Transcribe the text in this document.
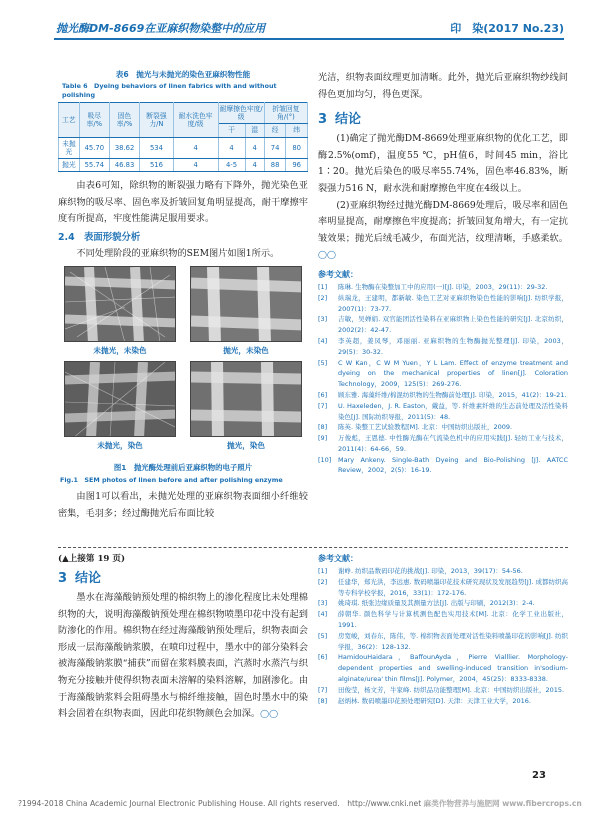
抛光酶DM-8669在亚麻织物染整中的应用	印　染(2017 No.23)
表6　抛光与未抛光的染色亚麻织物性能
Table 6　Dyeing behaviors of linen fabrics with and without polishing
工艺	吸尽率/%	固色率/%	断裂强力/N	耐水洗色牢度/级	耐摩擦色牢度/级		折皱回复角/(°)	
					干	湿	经	纬
未抛光	45.70	38.62	534	4	4	4	74	80
抛光	55.74	46.83	516	4	4-5	4	88	96

由表6可知，除织物的断裂强力略有下降外，抛光染色亚麻织物的吸尽率、固色率及折皱回复角明显提高，耐干摩擦牢度有所提高，牢度性能满足服用要求。

2.4　表面形貌分析

不同处理阶段的亚麻织物的SEM图片如图1所示。

未抛光，未染色	抛光，未染色
未抛光，染色	抛光，染色
图1　抛光酶处理前后亚麻织物的电子照片
Fig.1　SEM photos of linen before and after polishing enzyme

由图1可以看出，未抛光处理的亚麻织物表面细小纤维较密集，毛羽多；经过酶抛光后布面比较

光洁，织物表面纹理更加清晰。此外，抛光后亚麻织物纱线间得色更加均匀，得色更深。

3 结论

(1)确定了抛光酶DM-8669处理亚麻织物的优化工艺，即酶2.5%(omf)，温度55 ℃，pH值6，时间45 min，浴比1∶20。抛光后染色的吸尽率55.74%，固色率46.83%，断裂强力516 N，耐水洗和耐摩擦色牢度在4级以上。

(2)亚麻织物经过抛光酶DM-8669处理后，吸尽率和固色率明显提高，耐摩擦色牢度提高；折皱回复角增大，有一定抗皱效果；抛光后绒毛减少，布面光洁，纹理清晰，手感柔软。◯◯

参考文献：
[1]	陈琳. 生物酶在染整加工中的应用(一)[J]. 印染，2003，29(11)：29-32.
[2]	纵瑞龙，王建明，都新敏. 染色工艺对亚麻织物染色性能的影响[J]. 纺织学报，2007(1)：73-77.
[3]	吉敏，吴婵娟. 双官能团活性染料在亚麻织物上染色性能的研究[J]. 北京纺织，2002(2)：42-47.
[4]	李英超，姜凤琴，邓丽丽. 亚麻织物的生物酶抛光整理[J]. 印染，2003，29(5)：30-32.
[5]	C W Kan，C W M Yuen，Y L Lam. Effect of enzyme treatment and dyeing on the mechanical properties of linen[J]. Coloration Technology，2009，125(5)：269-276.
[6]	顾东雅. 海藻纤维/棉混纺织物的生物酶前处理[J]. 印染，2015，41(2)：19-21.
[7]	U. Haxeleden，J. R. Easton，戴益，等. 纤维素纤维的生态前处理及活性染料染色[J]. 国际纺织导报，2011(5)：48.
[8]	陈英. 染整工艺试验教程[M]. 北京：中国纺织出版社，2009.
[9]	万俊彪，王恩德. 中性酶光酶在气流染色机中的应用实践[J]. 轻纺工业与技术，2011(4)：64-66，59.
[10]	Mary Ankeny. Single-Bath Dyeing and Bio-Polishing [J]. AATCC Review，2002，2(5)：16-19.
(▲上接第 19 页)
3 结论

墨水在海藻酸钠预处理的棉织物上的渗化程度比未处理棉织物的大，说明海藻酸钠预处理在棉织物喷墨印花中没有起到防渗化的作用。棉织物在经过海藻酸钠预处理后，织物表面会形成一层海藻酸钠浆膜，在喷印过程中，墨水中的部分染料会被海藻酸钠浆膜“捕获”而留在浆料膜表面，汽蒸时水蒸汽与织物充分接触并使得织物表面未溶解的染料溶解，加剧渗化。由于海藻酸钠浆料会阻碍墨水与棉纤维接触，固色时墨水中的染料会固着在织物表面，因此印花织物颜色会加深。◯◯

参考文献：
[1]	谢峥. 纺织品数码印花的挑战[J]. 印染，2013，39(17)：54-56.
[2]	任建华，郑光洪，李远惠. 数码喷墨印花技术研究现状及发展趋势[J]. 成都纺织高等专科学校学报，2016，33(1)：172-176.
[3]	姚琦琪. 纸张边缘质量及其测量方法[J]. 出版与印刷，2012(3)：2-4.
[4]	薛朝华. 颜色科学与计算机测色配色实用技术[M]. 北京：化学工业出版社，1991.
[5]	房宽峻，刘春东，陈伟，等. 棉织物表面处理对活性染料喷墨印花的影响[J]. 纺织学报，36(2)：128-132.
[6]	HamidouHaidara，BaffounAyda，Pierre Vialllier. Morphology-dependent properties and swelling-induced transition in'sodium-alginate/urea' thin films[J]. Polymer，2004，45(25)：8333-8338.
[7]	田俊莹，杨文芳，牛家峰. 纺织品功能整理[M]. 北京：中国纺织出版社，2015.
[8]	赵炳林. 数码喷墨印花预处理研究[D]. 天津：天津工业大学，2016.
23
?1994-2018 China Academic Journal Electronic Publishing House. All rights reserved.　http://www.cnki.net 麻类作物营养与施肥网 www.fibercrops.cn
